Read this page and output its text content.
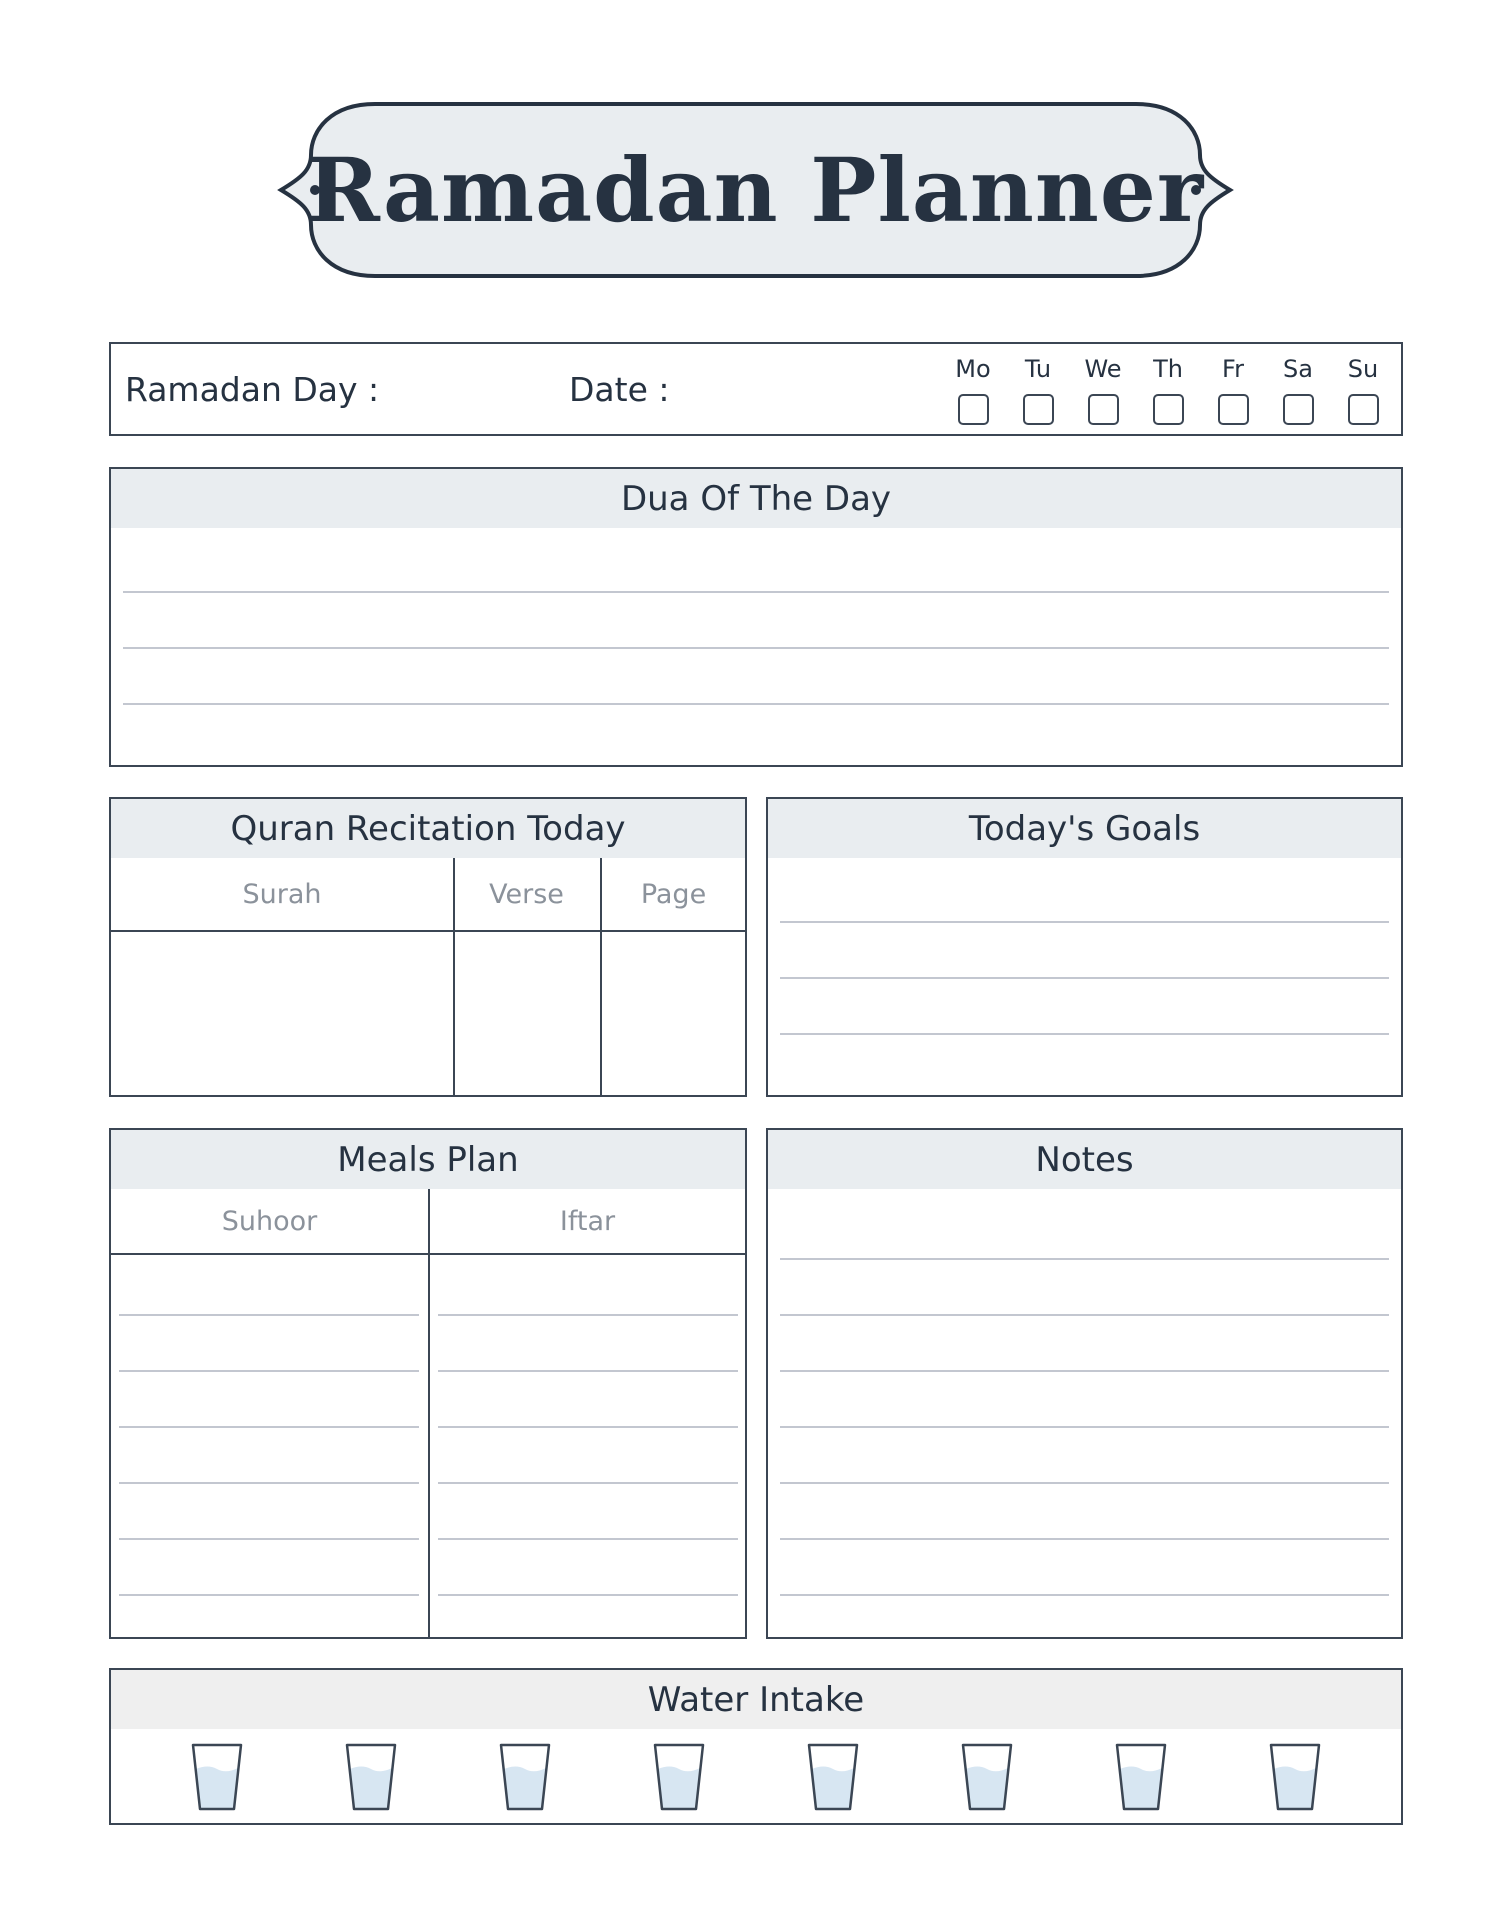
Ramadan Planner
Ramadan Day :	Date :
Mo	Tu	We	Th	Fr	Sa	Su
Dua Of The Day
Quran Recitation Today
Surah	Verse	Page
Today's Goals
Meals Plan
Suhoor	Iftar
Notes
Water Intake
